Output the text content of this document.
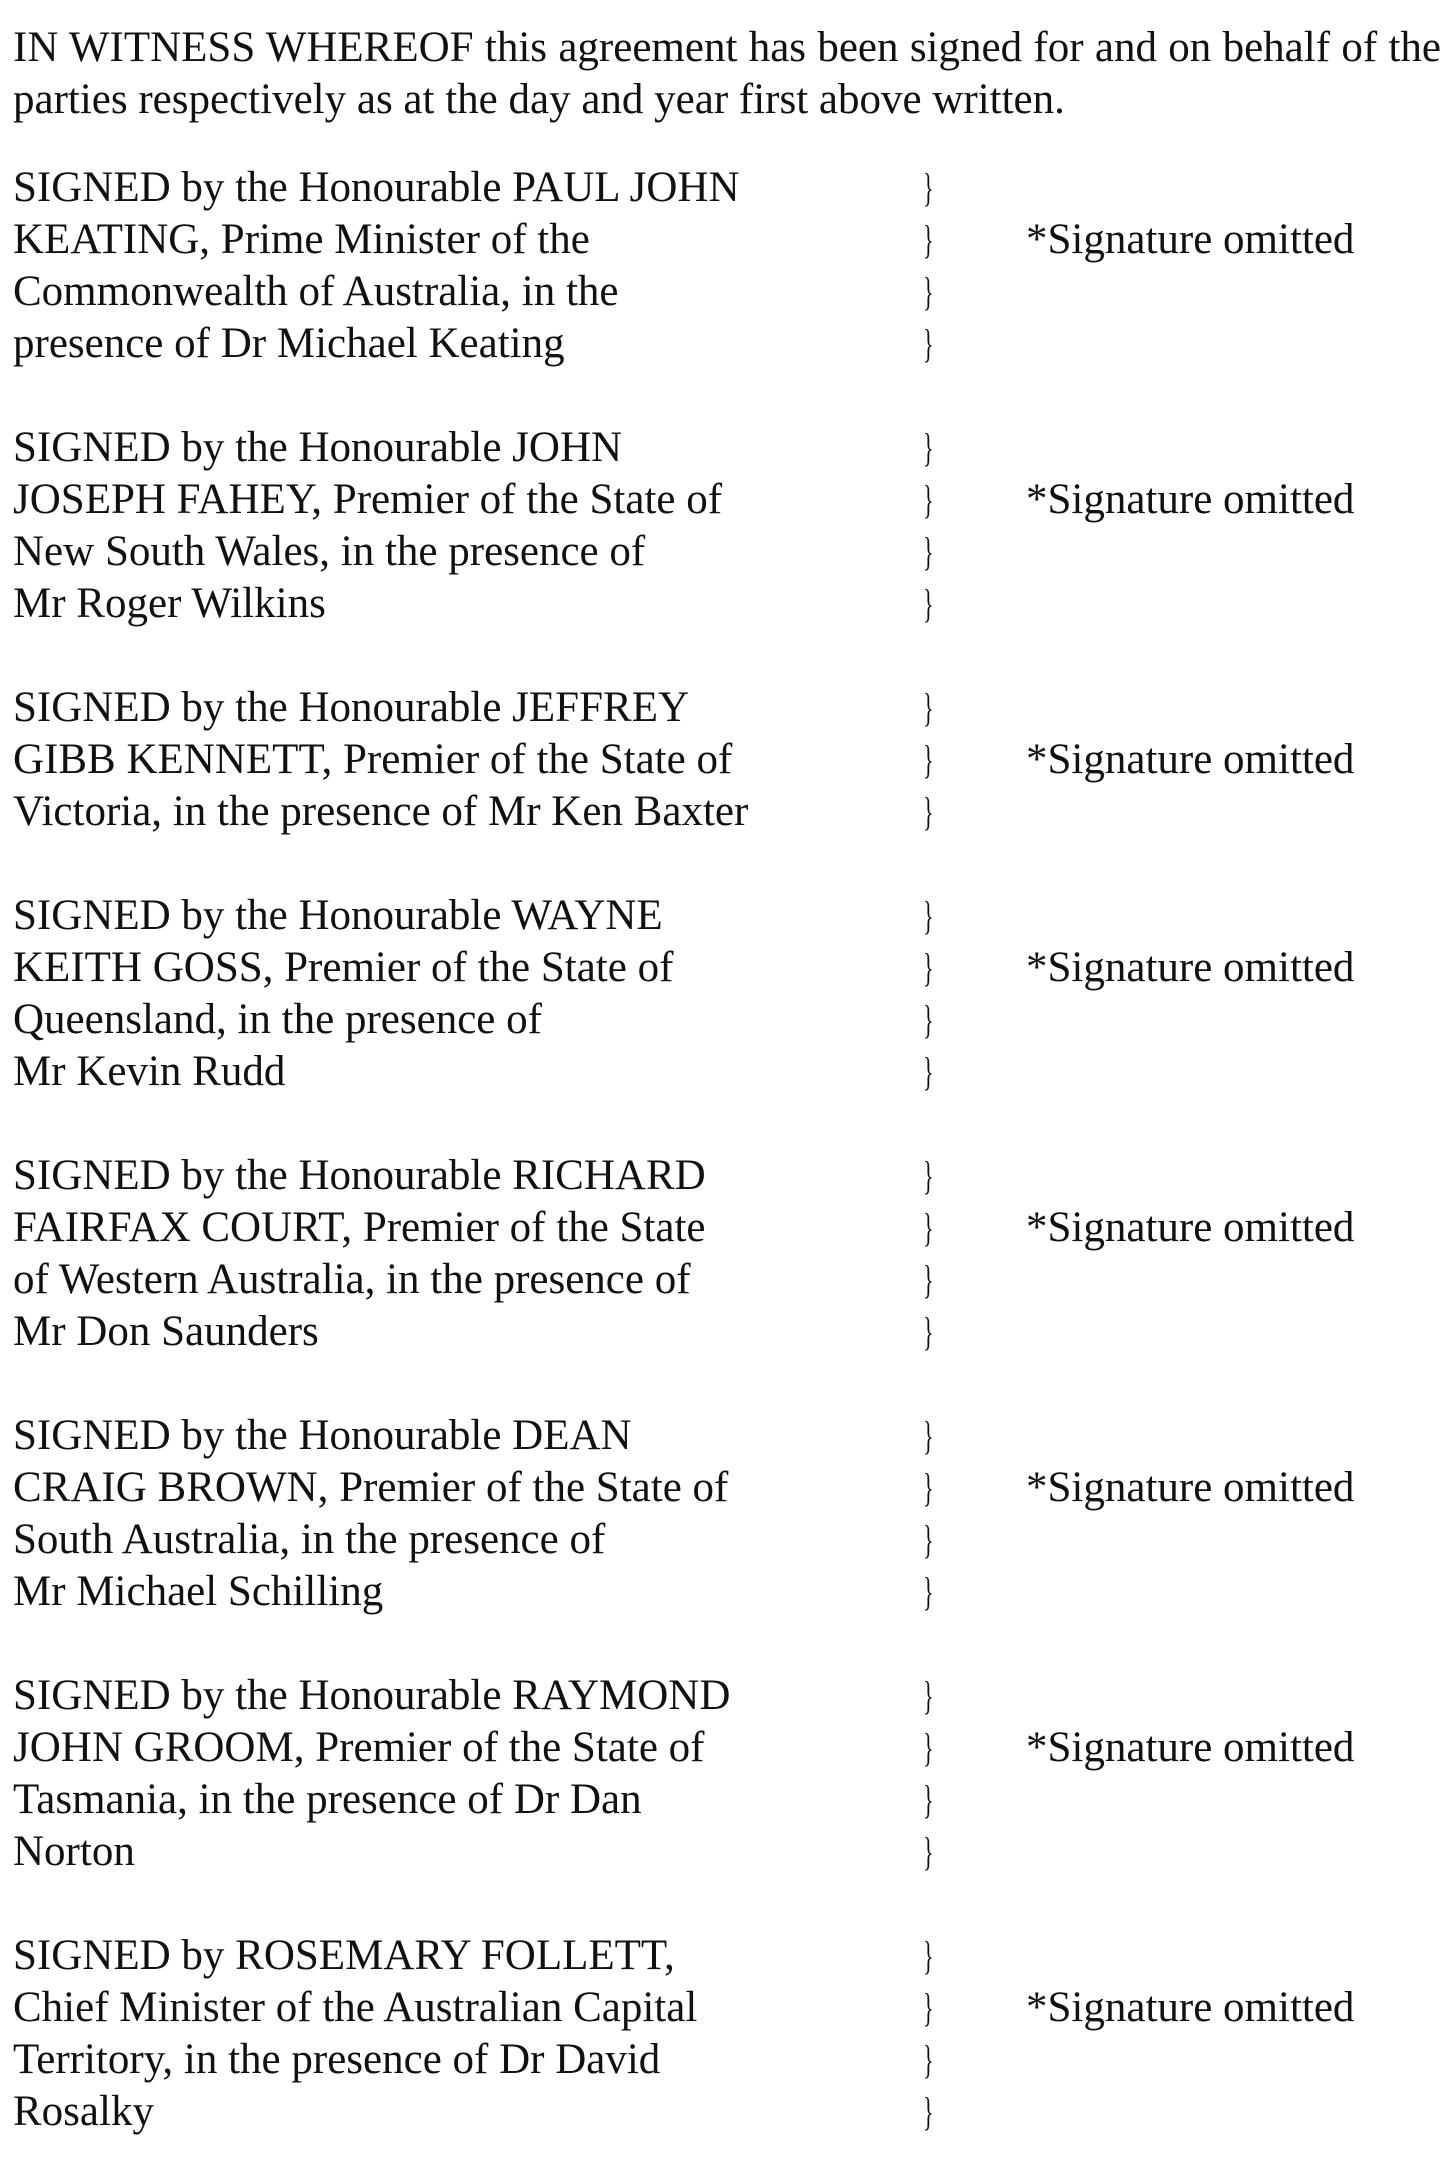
IN WITNESS WHEREOF this agreement has been signed for and on behalf of the parties respectively as at the day and year first above written.
SIGNED by the Honourable PAUL JOHN
KEATING, Prime Minister of the
Commonwealth of Australia, in the
presence of Dr Michael Keating
}
}
}
}
*Signature omitted
SIGNED by the Honourable JOHN
JOSEPH FAHEY, Premier of the State of
New South Wales, in the presence of
Mr Roger Wilkins
}
}
}
}
*Signature omitted
SIGNED by the Honourable JEFFREY
GIBB KENNETT, Premier of the State of
Victoria, in the presence of Mr Ken Baxter
}
}
}
*Signature omitted
SIGNED by the Honourable WAYNE
KEITH GOSS, Premier of the State of
Queensland, in the presence of
Mr Kevin Rudd
}
}
}
}
*Signature omitted
SIGNED by the Honourable RICHARD
FAIRFAX COURT, Premier of the State
of Western Australia, in the presence of
Mr Don Saunders
}
}
}
}
*Signature omitted
SIGNED by the Honourable DEAN
CRAIG BROWN, Premier of the State of
South Australia, in the presence of
Mr Michael Schilling
}
}
}
}
*Signature omitted
SIGNED by the Honourable RAYMOND
JOHN GROOM, Premier of the State of
Tasmania, in the presence of Dr Dan
Norton
}
}
}
}
*Signature omitted
SIGNED by ROSEMARY FOLLETT,
Chief Minister of the Australian Capital
Territory, in the presence of Dr David
Rosalky
}
}
}
}
*Signature omitted
